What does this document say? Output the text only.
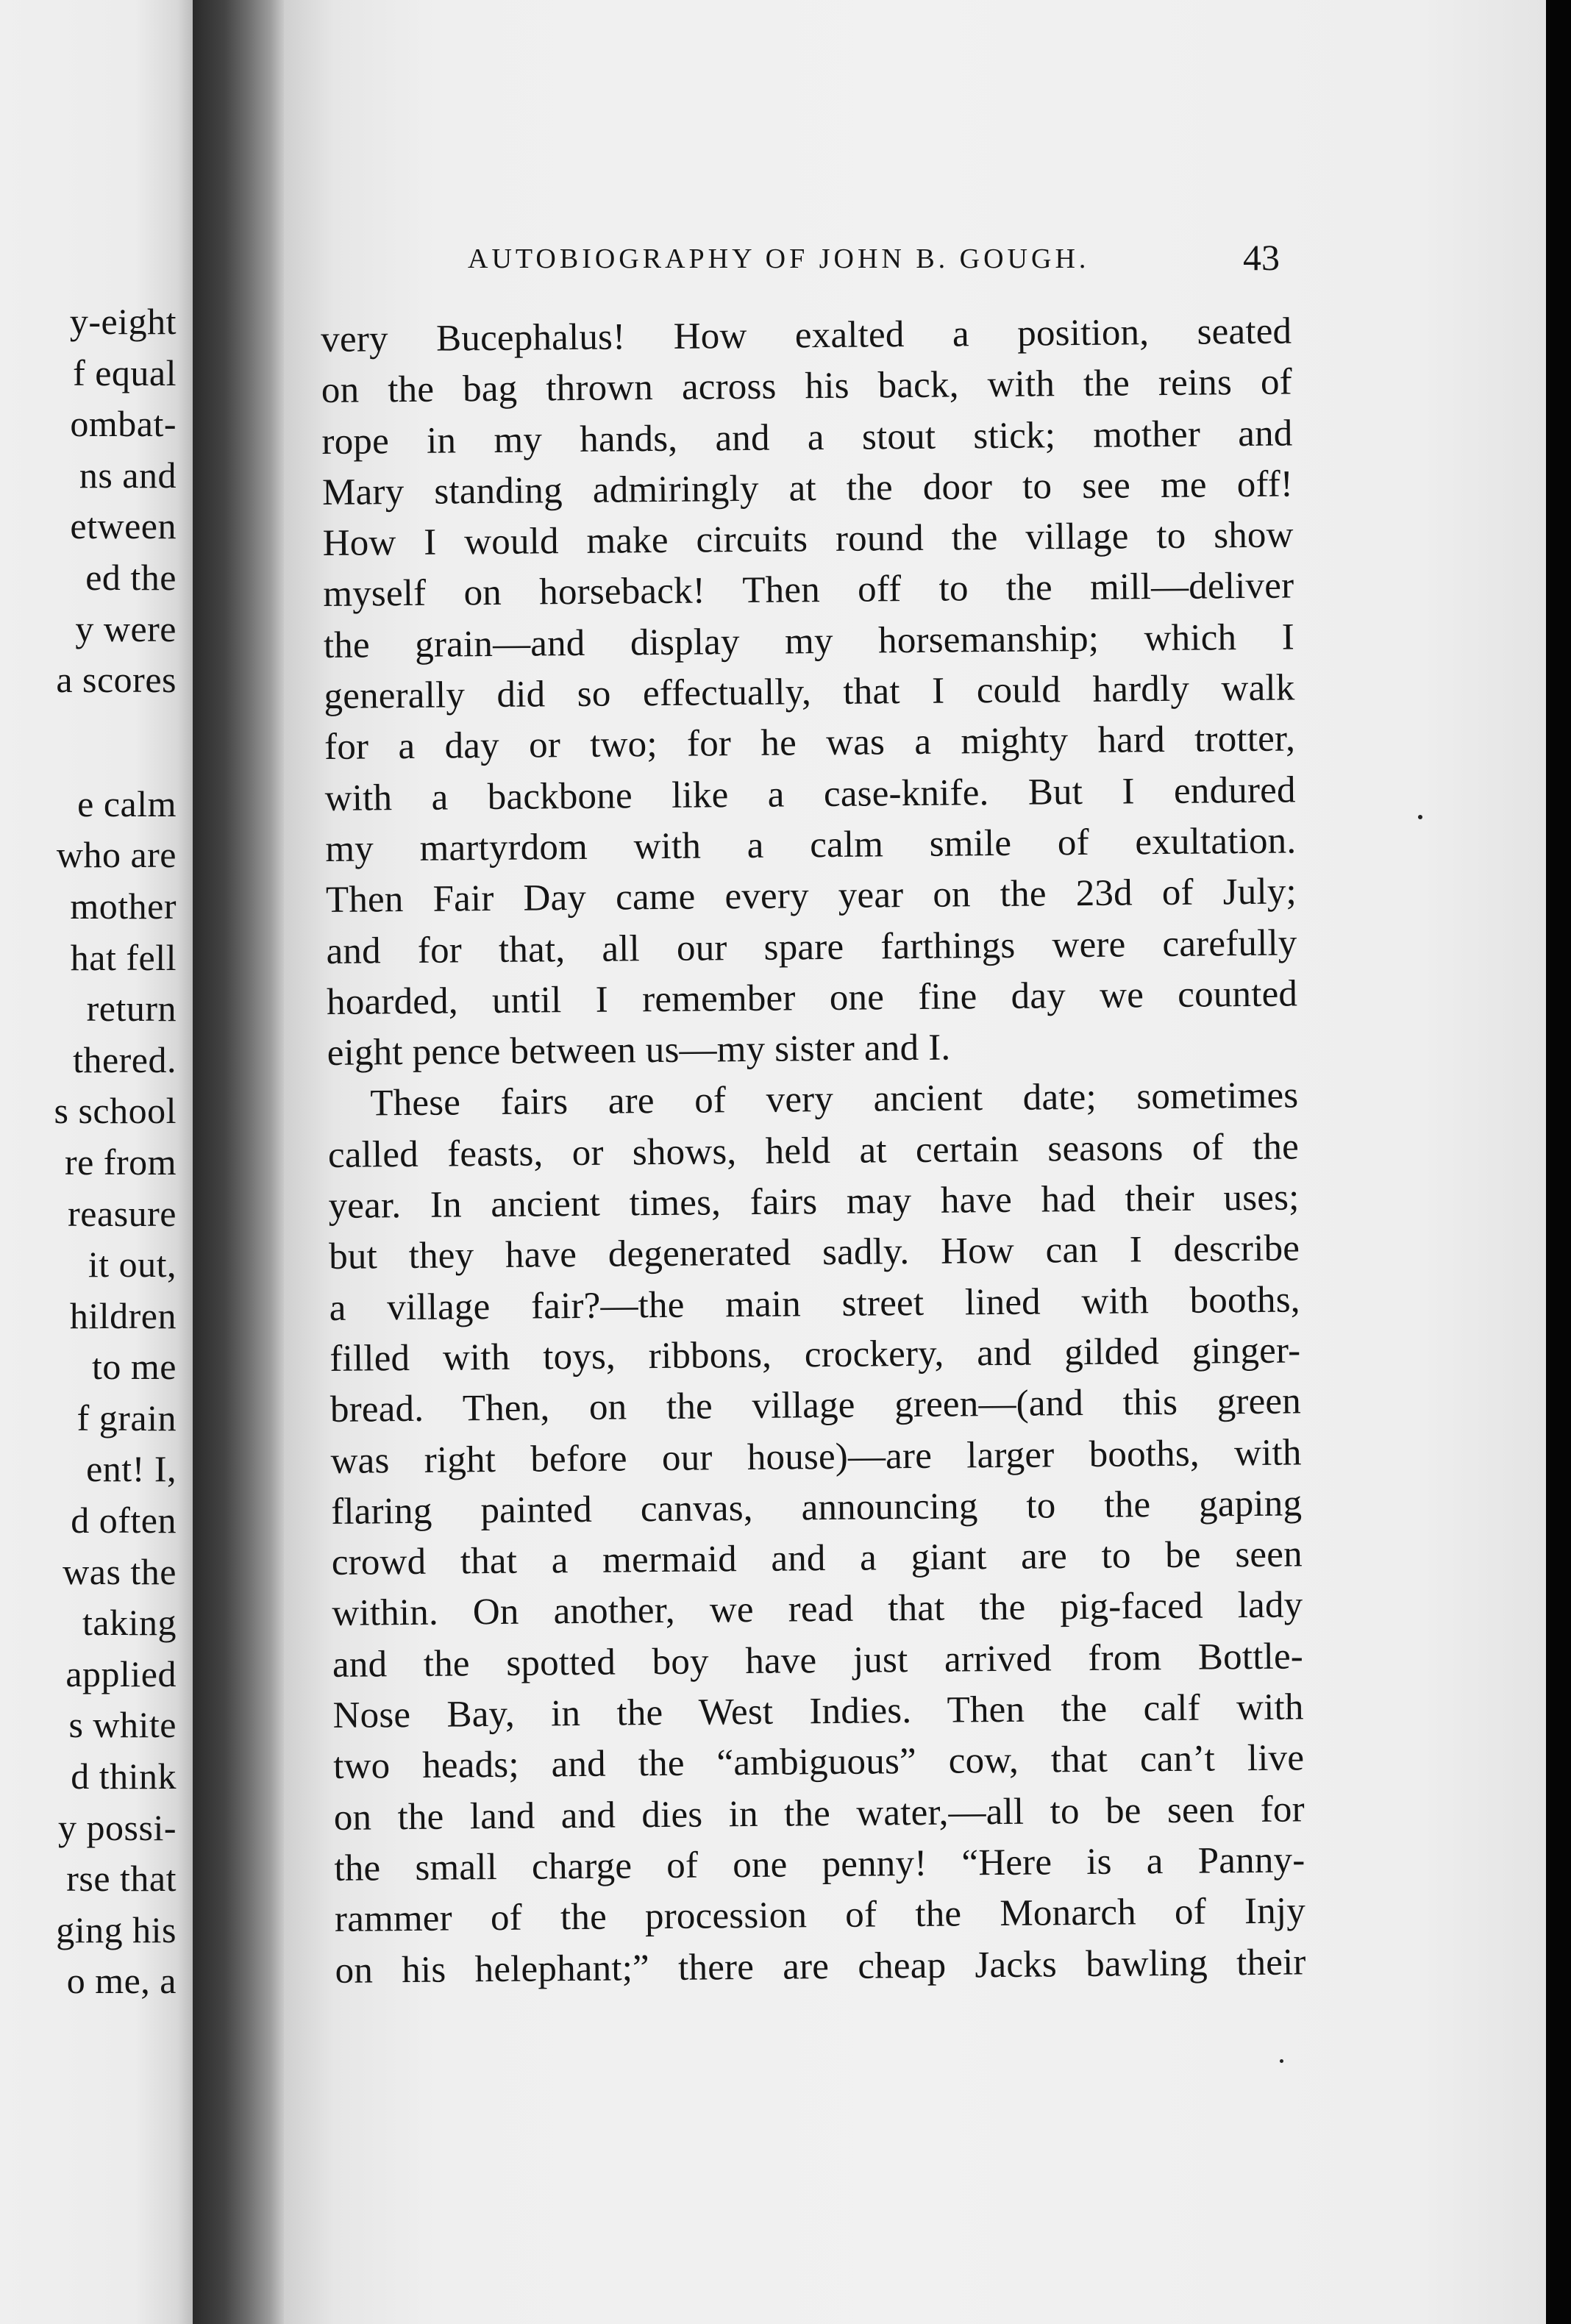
y-eight
f equal
ombat-
ns and
etween
ed the
y were
a scores
e calm
who are
mother
hat fell
return
thered.
s school
re from
reasure
it out,
hildren
to me
f grain
ent! I,
d often
was the
taking
applied
s white
d think
y possi-
rse that
ging his
o me, a
AUTOBIOGRAPHY OF JOHN B. GOUGH.	43
very Bucephalus! How exalted a position, seated
on the bag thrown across his back, with the reins of
rope in my hands, and a stout stick; mother and
Mary standing admiringly at the door to see me off!
How I would make circuits round the village to show
myself on horseback! Then off to the mill—deliver
the grain—and display my horsemanship; which I
generally did so effectually, that I could hardly walk
for a day or two; for he was a mighty hard trotter,
with a backbone like a case-knife. But I endured
my martyrdom with a calm smile of exultation.
Then Fair Day came every year on the 23d of July;
and for that, all our spare farthings were carefully
hoarded, until I remember one fine day we counted
eight pence between us—my sister and I.
These fairs are of very ancient date; sometimes
called feasts, or shows, held at certain seasons of the
year. In ancient times, fairs may have had their uses;
but they have degenerated sadly. How can I describe
a village fair?—the main street lined with booths,
filled with toys, ribbons, crockery, and gilded ginger-
bread. Then, on the village green—(and this green
was right before our house)—are larger booths, with
flaring painted canvas, announcing to the gaping
crowd that a mermaid and a giant are to be seen
within. On another, we read that the pig-faced lady
and the spotted boy have just arrived from Bottle-
Nose Bay, in the West Indies. Then the calf with
two heads; and the “ambiguous” cow, that can’t live
on the land and dies in the water,—all to be seen for
the small charge of one penny! “Here is a Panny-
rammer of the procession of the Monarch of Injy
on his helephant;” there are cheap Jacks bawling their
